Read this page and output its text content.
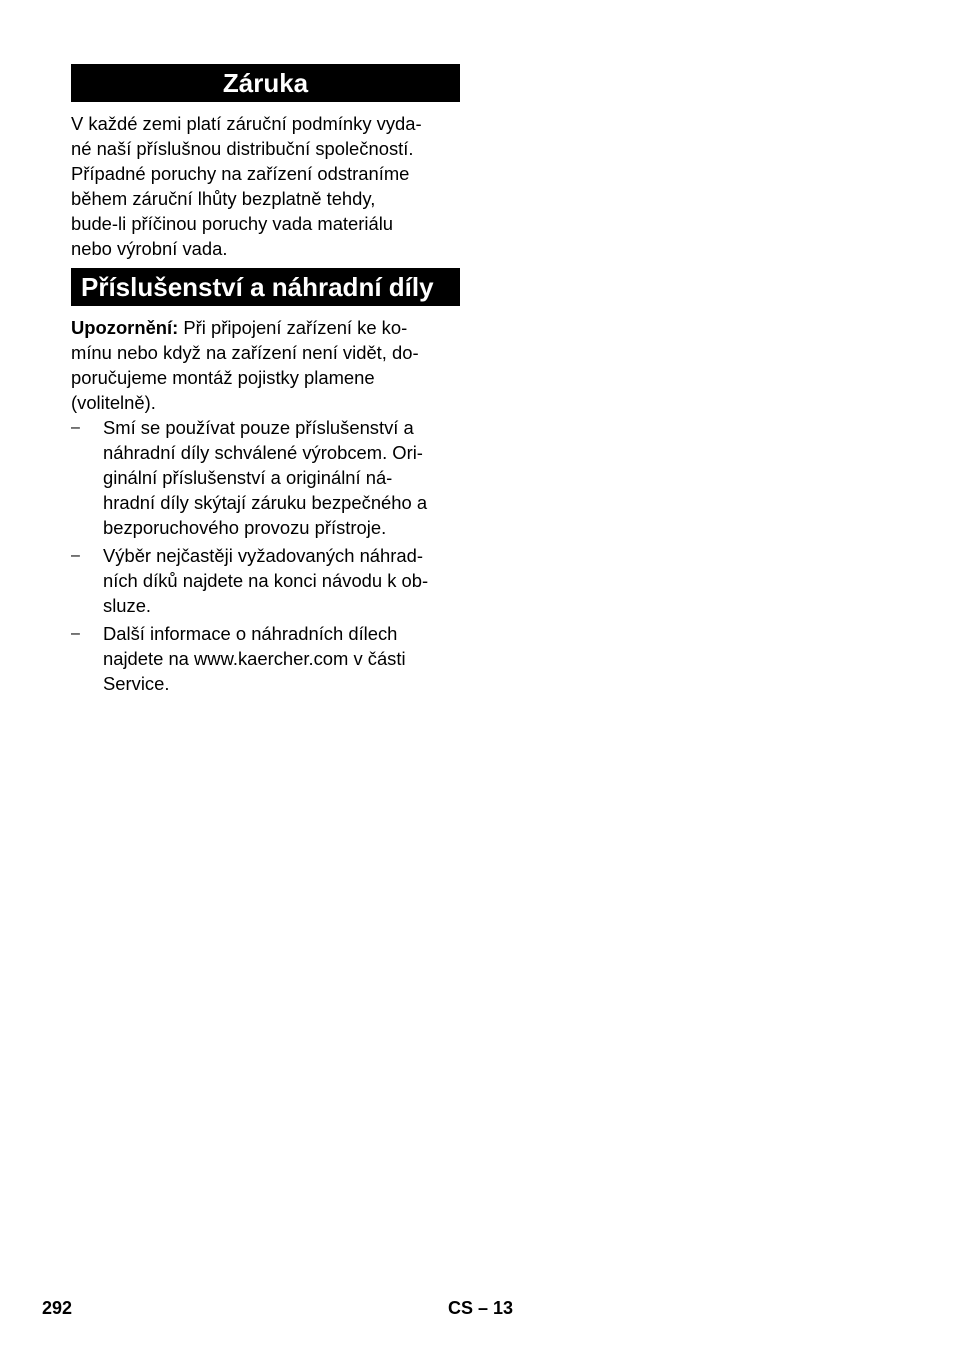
Záruka

V každé zemi platí záruční podmínky vyda-
né naší příslušnou distribuční společností.
Případné poruchy na zařízení odstraníme
během záruční lhůty bezplatně tehdy,
bude-li příčinou poruchy vada materiálu
nebo výrobní vada.

Příslušenství a náhradní díly

Upozornění: Při připojení zařízení ke ko-
mínu nebo když na zařízení není vidět, do-
poručujeme montáž pojistky plamene
(volitelně).

– Smí se používat pouze příslušenství a
náhradní díly schválené výrobcem. Ori-
ginální příslušenství a originální ná-
hradní díly skýtají záruku bezpečného a
bezporuchového provozu přístroje.
– Výběr nejčastěji vyžadovaných náhrad-
ních díků najdete na konci návodu k ob-
sluze.
– Další informace o náhradních dílech
najdete na www.kaercher.com v části
Service.
292	CS – 13
